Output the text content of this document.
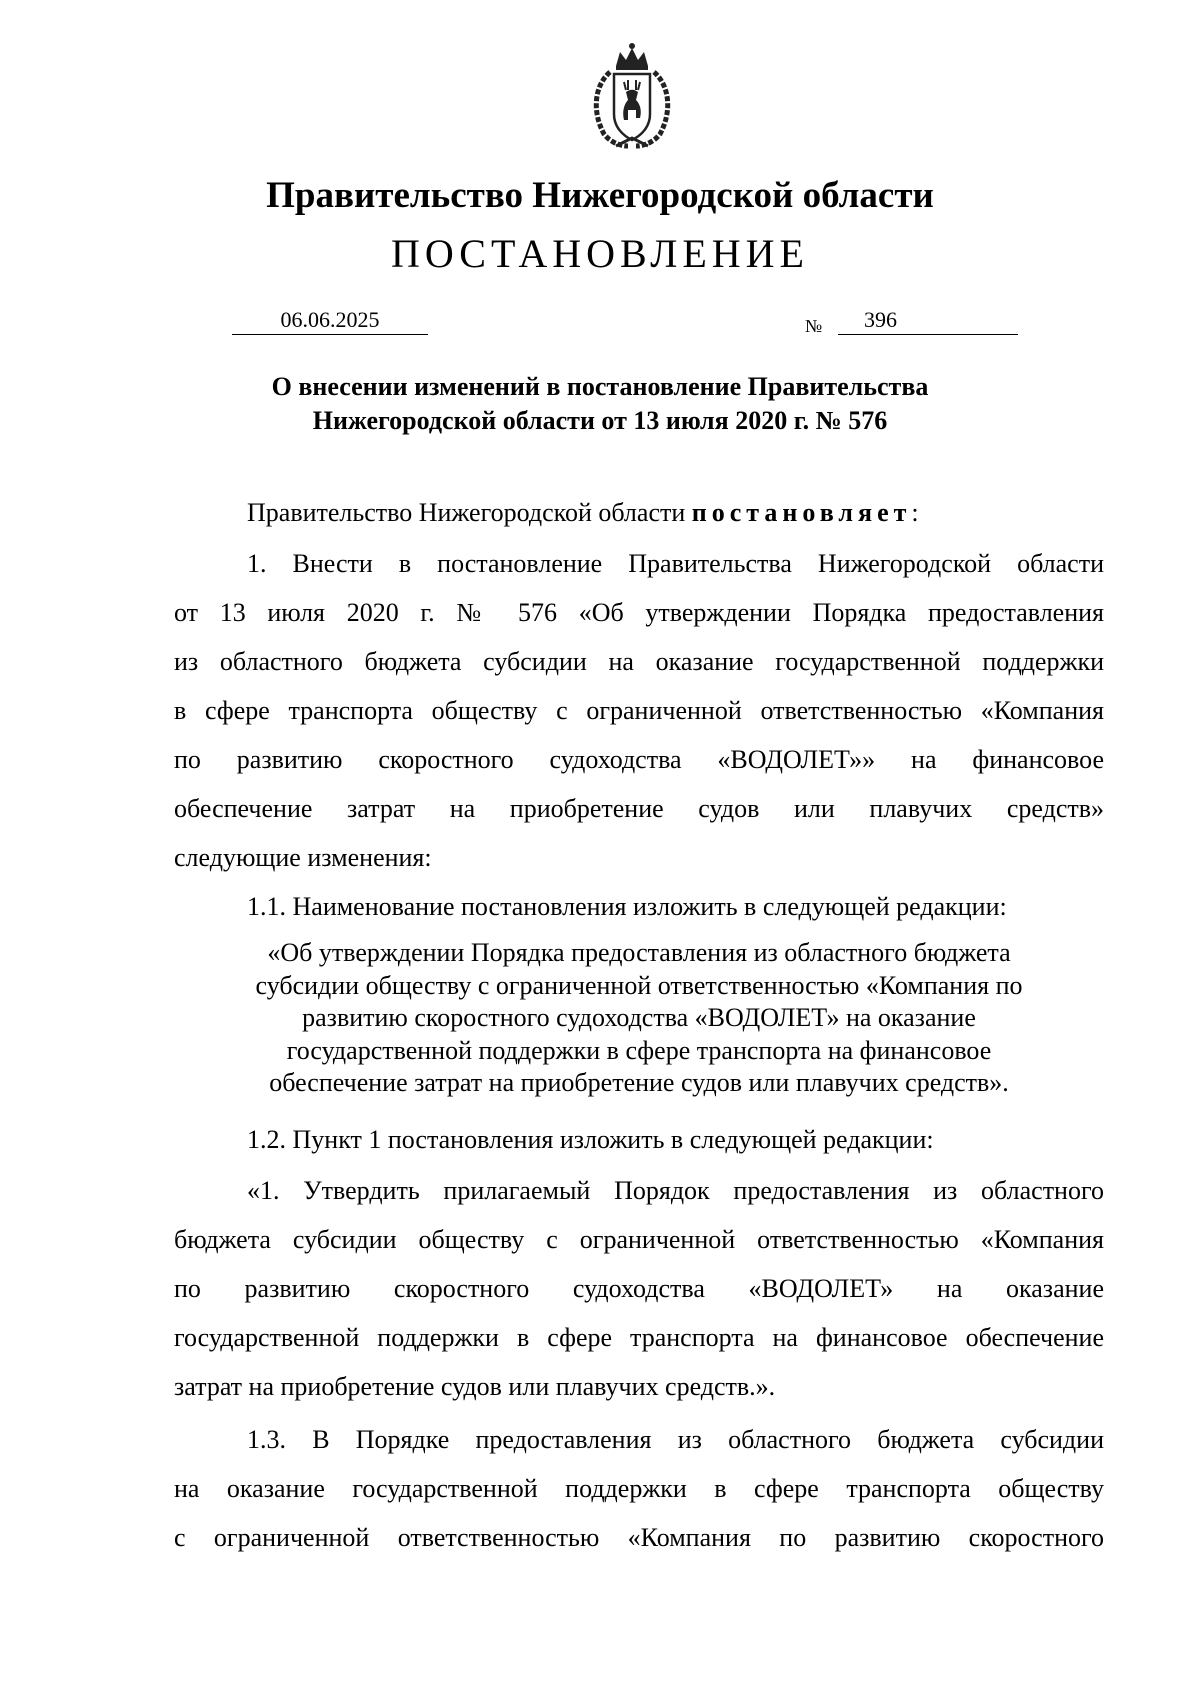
Правительство Нижегородской области
ПОСТАНОВЛЕНИЕ
06.06.2025	№	396
О внесении изменений в постановление Правительства
Нижегородской области от 13 июля 2020 г. № 576
Правительство Нижегородской области постановляет:
1. Внести в постановление Правительства Нижегородской области
от 13 июля 2020 г. № 576 «Об утверждении Порядка предоставления
из областного бюджета субсидии на оказание государственной поддержки
в сфере транспорта обществу с ограниченной ответственностью «Компания
по развитию скоростного судоходства «ВОДОЛЕТ»» на финансовое
обеспечение затрат на приобретение судов или плавучих средств»
следующие изменения:
1.1. Наименование постановления изложить в следующей редакции:
«Об утверждении Порядка предоставления из областного бюджета
субсидии обществу с ограниченной ответственностью «Компания по
развитию скоростного судоходства «ВОДОЛЕТ» на оказание
государственной поддержки в сфере транспорта на финансовое
обеспечение затрат на приобретение судов или плавучих средств».
1.2. Пункт 1 постановления изложить в следующей редакции:
«1. Утвердить прилагаемый Порядок предоставления из областного
бюджета субсидии обществу с ограниченной ответственностью «Компания
по развитию скоростного судоходства «ВОДОЛЕТ» на оказание
государственной поддержки в сфере транспорта на финансовое обеспечение
затрат на приобретение судов или плавучих средств.».
1.3. В Порядке предоставления из областного бюджета субсидии
на оказание государственной поддержки в сфере транспорта обществу
с ограниченной ответственностью «Компания по развитию скоростного
